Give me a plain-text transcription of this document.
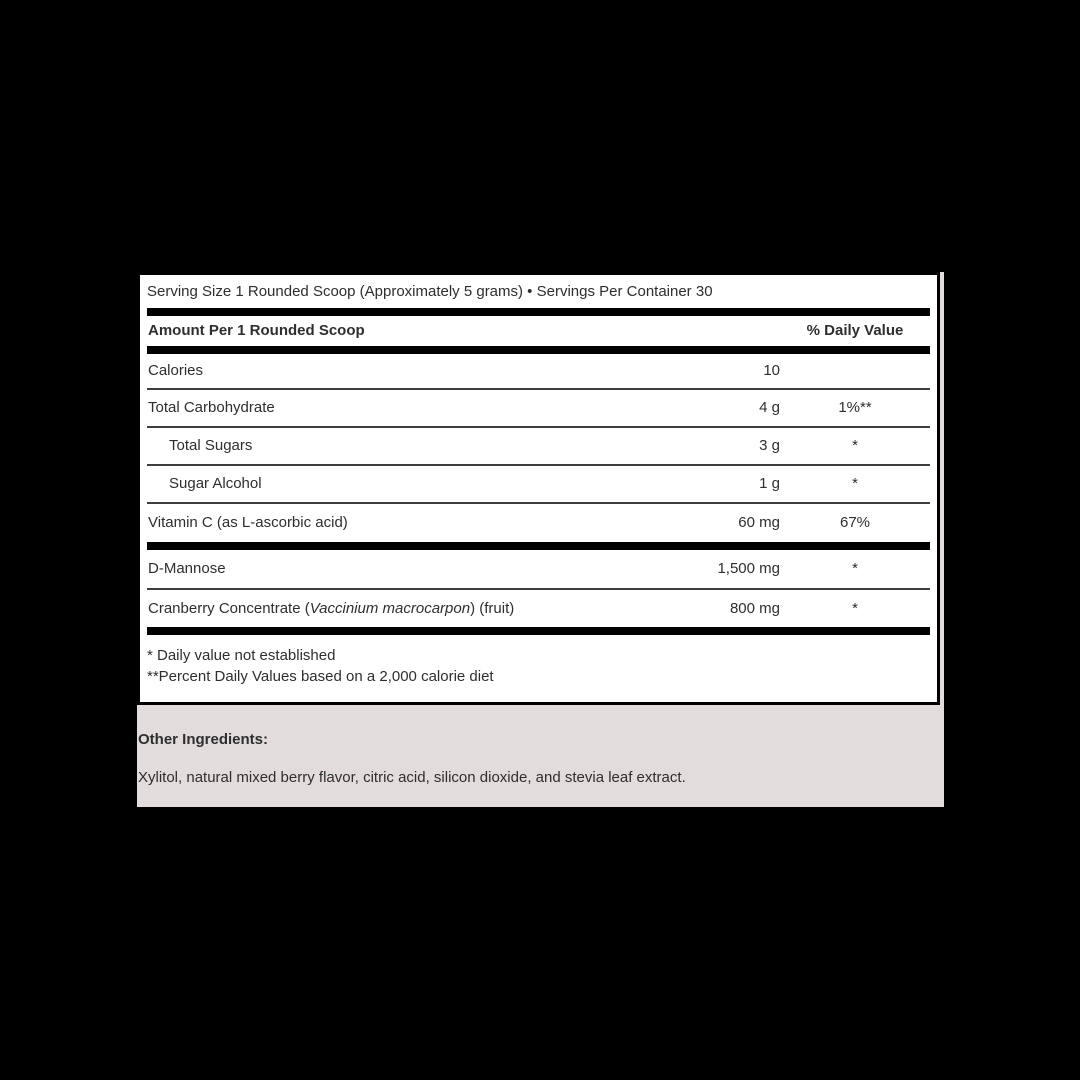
Serving Size 1 Rounded Scoop (Approximately 5 grams) • Servings Per Container 30
Amount Per 1 Rounded Scoop	% Daily Value
Calories	10
Total Carbohydrate	4 g	1%**
Total Sugars	3 g	*
Sugar Alcohol	1 g	*
Vitamin C (as L-ascorbic acid)	60 mg	67%
D-Mannose	1,500 mg	*
Cranberry Concentrate (Vaccinium macrocarpon) (fruit)	800 mg	*
* Daily value not established
**Percent Daily Values based on a 2,000 calorie diet
Other Ingredients:
Xylitol, natural mixed berry flavor, citric acid, silicon dioxide, and stevia leaf extract.
